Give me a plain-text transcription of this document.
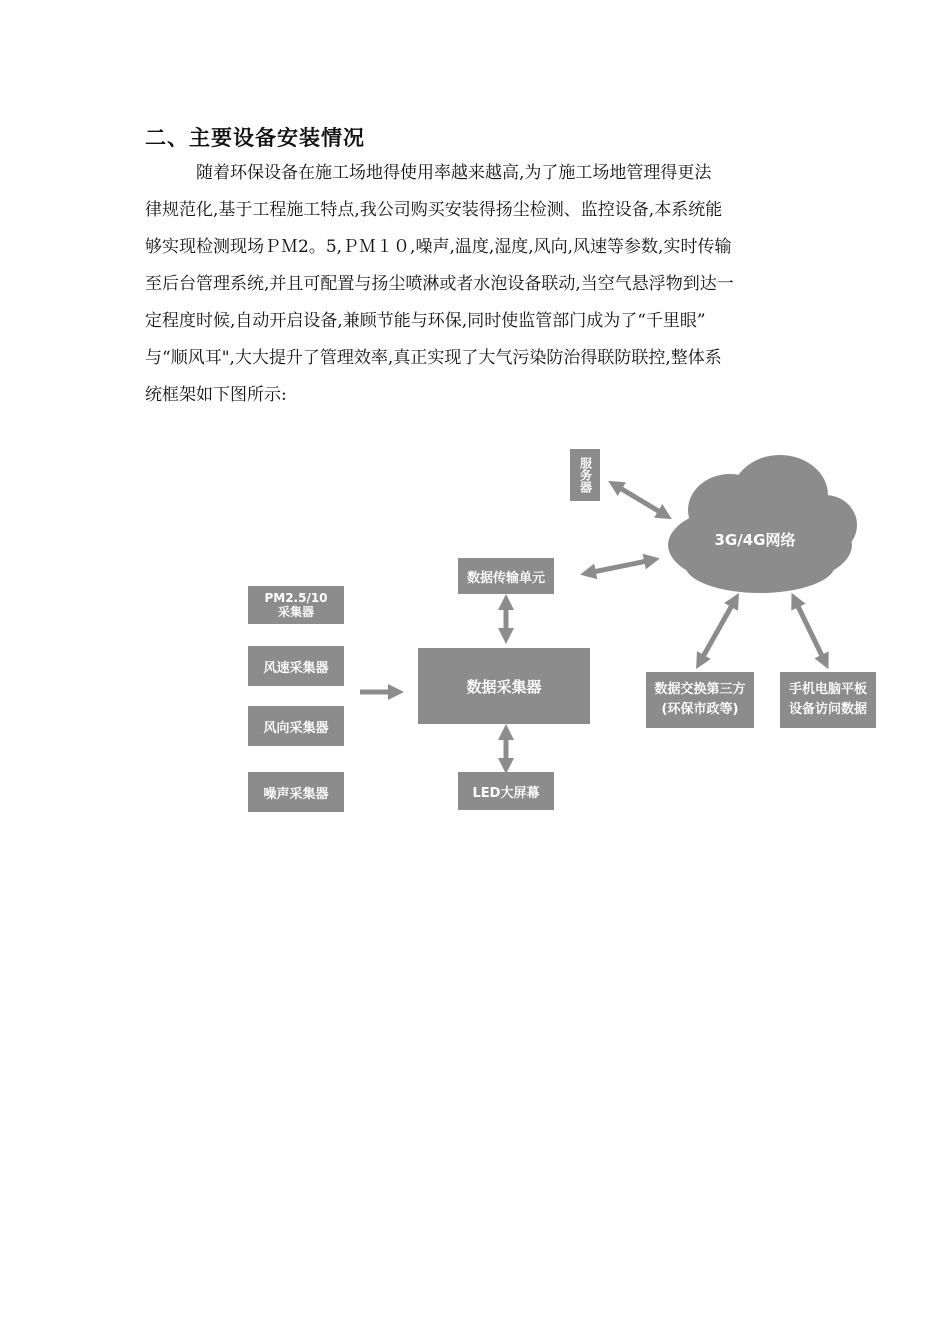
二、主要设备安装情况
　　　随着环保设备在施工场地得使用率越来越高,为了施工场地管理得更法
律规范化,基于工程施工特点,我公司购买安装得扬尘检测、监控设备,本系统能
够实现检测现场ＰＭ2。5,ＰＭ１０,噪声,温度,湿度,风向,风速等参数,实时传输
至后台管理系统,并且可配置与扬尘喷淋或者水泡设备联动,当空气悬浮物到达一
定程度时候,自动开启设备,兼顾节能与环保,同时使监管部门成为了“千里眼”
与“顺风耳",大大提升了管理效率,真正实现了大气污染防治得联防联控,整体系
统框架如下图所示:
服务器
3G/4G网络
数据传输单元
PM2.5/10
采集器
风速采集器
风向采集器
噪声采集器
数据采集器
LED大屏幕
数据交换第三方
(环保市政等)
手机电脑平板
设备访问数据
